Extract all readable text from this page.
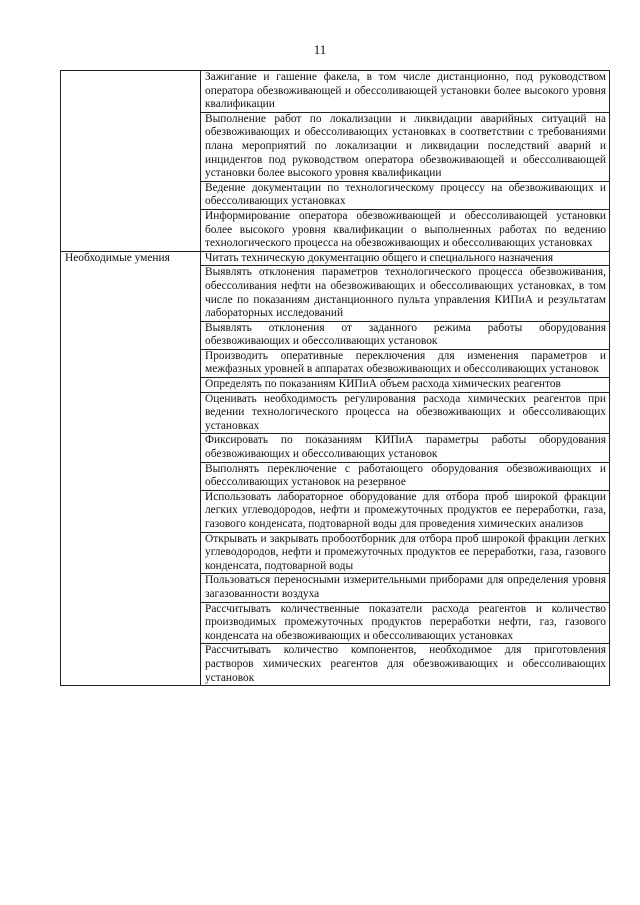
11
	Зажигание и гашение факела, в том числе дистанционно, под руководством оператора обезвоживающей и обессоливающей установки более высокого уровня квалификации
	Выполнение работ по локализации и ликвидации аварийных ситуаций на обезвоживающих и обессоливающих установках в соответствии с требованиями плана мероприятий по локализации и ликвидации последствий аварий и инцидентов под руководством оператора обезвоживающей и обессоливающей установки более высокого уровня квалификации
	Ведение документации по технологическому процессу на обезвоживающих и обессоливающих установках
	Информирование оператора обезвоживающей и обессоливающей установки более высокого уровня квалификации о выполненных работах по ведению технологического процесса на обезвоживающих и обессоливающих установках

Необходимые умения	Читать техническую документацию общего и специального назначения
	Выявлять отклонения параметров технологического процесса обезвоживания, обессоливания нефти на обезвоживающих и обессоливающих установках, в том числе по показаниям дистанционного пульта управления КИПиА и результатам лабораторных исследований
	Выявлять отклонения от заданного режима работы оборудования обезвоживающих и обессоливающих установок
	Производить оперативные переключения для изменения параметров и межфазных уровней в аппаратах обезвоживающих и обессоливающих установок
	Определять по показаниям КИПиА объем расхода химических реагентов
	Оценивать необходимость регулирования расхода химических реагентов при ведении технологического процесса на обезвоживающих и обессоливающих установках
	Фиксировать по показаниям КИПиА параметры работы оборудования обезвоживающих и обессоливающих установок
	Выполнять переключение с работающего оборудования обезвоживающих и обессоливающих установок на резервное
	Использовать лабораторное оборудование для отбора проб широкой фракции легких углеводородов, нефти и промежуточных продуктов ее переработки, газа, газового конденсата, подтоварной воды для проведения химических анализов
	Открывать и закрывать пробоотборник для отбора проб широкой фракции легких углеводородов, нефти и промежуточных продуктов ее переработки, газа, газового конденсата, подтоварной воды
	Пользоваться переносными измерительными приборами для определения уровня загазованности воздуха
	Рассчитывать количественные показатели расхода реагентов и количество производимых промежуточных продуктов переработки нефти, газ, газового конденсата на обезвоживающих и обессоливающих установках
	Рассчитывать количество компонентов, необходимое для приготовления растворов химических реагентов для обезвоживающих и обессоливающих установок
